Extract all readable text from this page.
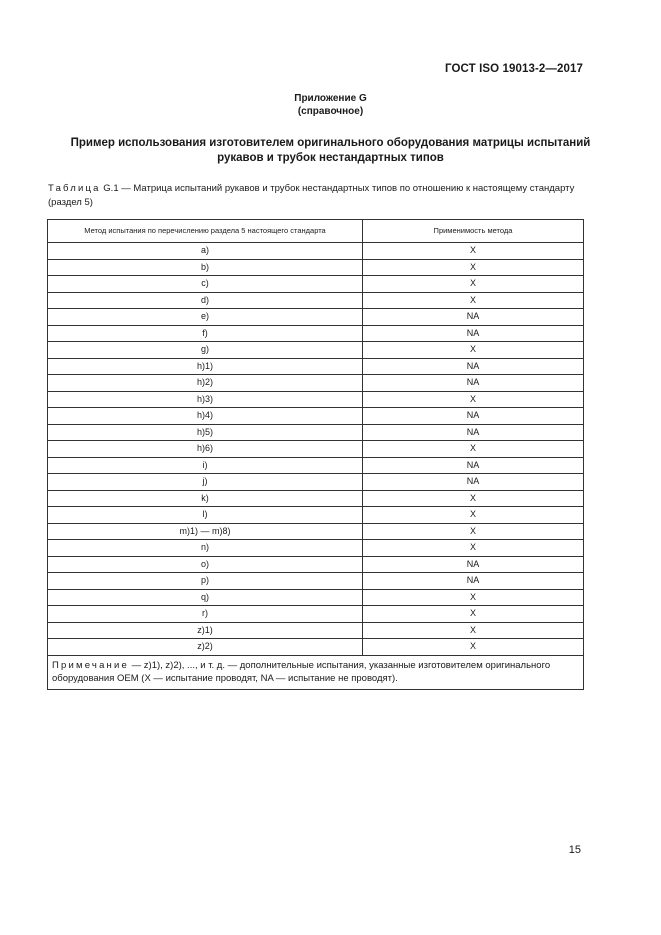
ГОСТ ISO 19013-2—2017
Приложение G
(справочное)
Пример использования изготовителем оригинального оборудования матрицы испытаний рукавов и трубок нестандартных типов
Таблица G.1 — Матрица испытаний рукавов и трубок нестандартных типов по отношению к настоящему стандарту (раздел 5)
Метод испытания по перечислению раздела 5 настоящего стандарта	Применимость метода
a)	X
b)	X
c)	X
d)	X
e)	NA
f)	NA
g)	X
h)1)	NA
h)2)	NA
h)3)	X
h)4)	NA
h)5)	NA
h)6)	X
i)	NA
j)	NA
k)	X
l)	X
m)1) — m)8)	X
n)	X
o)	NA
p)	NA
q)	X
r)	X
z)1)	X
z)2)	X
Примечание — z)1), z)2), ..., и т. д. — дополнительные испытания, указанные изготовителем оригинального оборудования OEM (X — испытание проводят, NA — испытание не проводят).	
15
